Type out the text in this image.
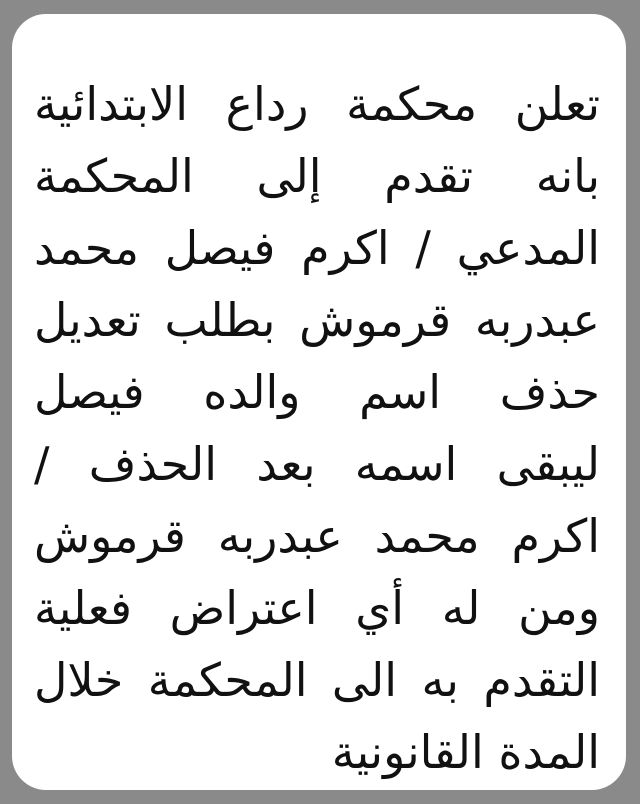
تعلن محكمة رداع الابتدائية
بانه تقدم إلى المحكمة
المدعي / اكرم فيصل محمد
عبدربه قرموش بطلب تعديل
حذف اسم والده فيصل
ليبقى اسمه بعد الحذف /
اكرم محمد عبدربه قرموش
ومن له أي اعتراض فعلية
التقدم به الى المحكمة خلال
المدة القانونية
